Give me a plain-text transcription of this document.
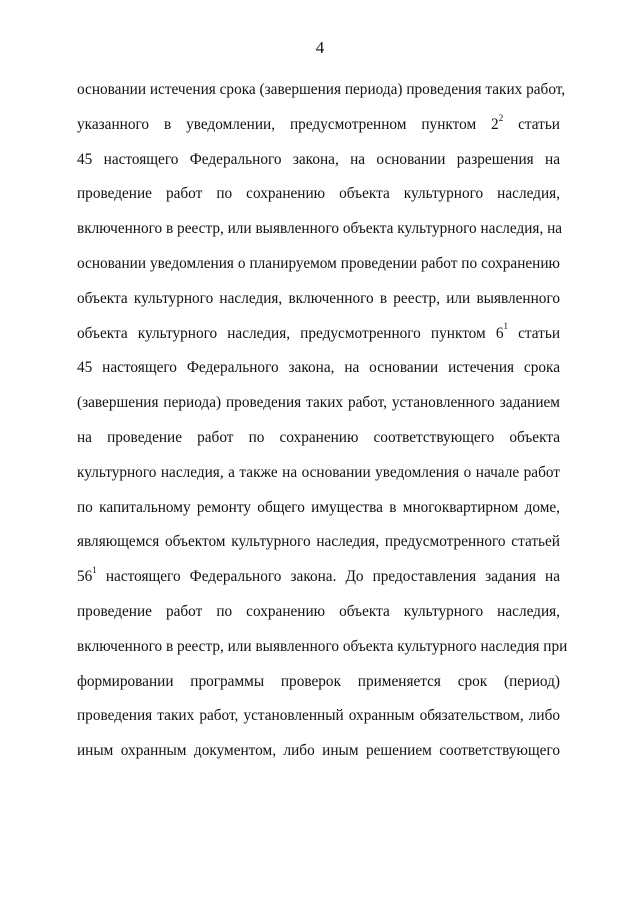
4
основании истечения срока (завершения периода) проведения таких работ,
указанного в уведомлении, предусмотренном пунктом $2^2$ статьи
45 настоящего Федерального закона, на основании разрешения на
проведение работ по сохранению объекта культурного наследия,
включенного в реестр, или выявленного объекта культурного наследия, на
основании уведомления о планируемом проведении работ по сохранению
объекта культурного наследия, включенного в реестр, или выявленного
объекта культурного наследия, предусмотренного пунктом $6^1$ статьи
45 настоящего Федерального закона, на основании истечения срока
(завершения периода) проведения таких работ, установленного заданием
на проведение работ по сохранению соответствующего объекта
культурного наследия, а также на основании уведомления о начале работ
по капитальному ремонту общего имущества в многоквартирном доме,
являющемся объектом культурного наследия, предусмотренного статьей
$56^1$ настоящего Федерального закона. До предоставления задания на
проведение работ по сохранению объекта культурного наследия,
включенного в реестр, или выявленного объекта культурного наследия при
формировании программы проверок применяется срок (период)
проведения таких работ, установленный охранным обязательством, либо
иным охранным документом, либо иным решением соответствующего
